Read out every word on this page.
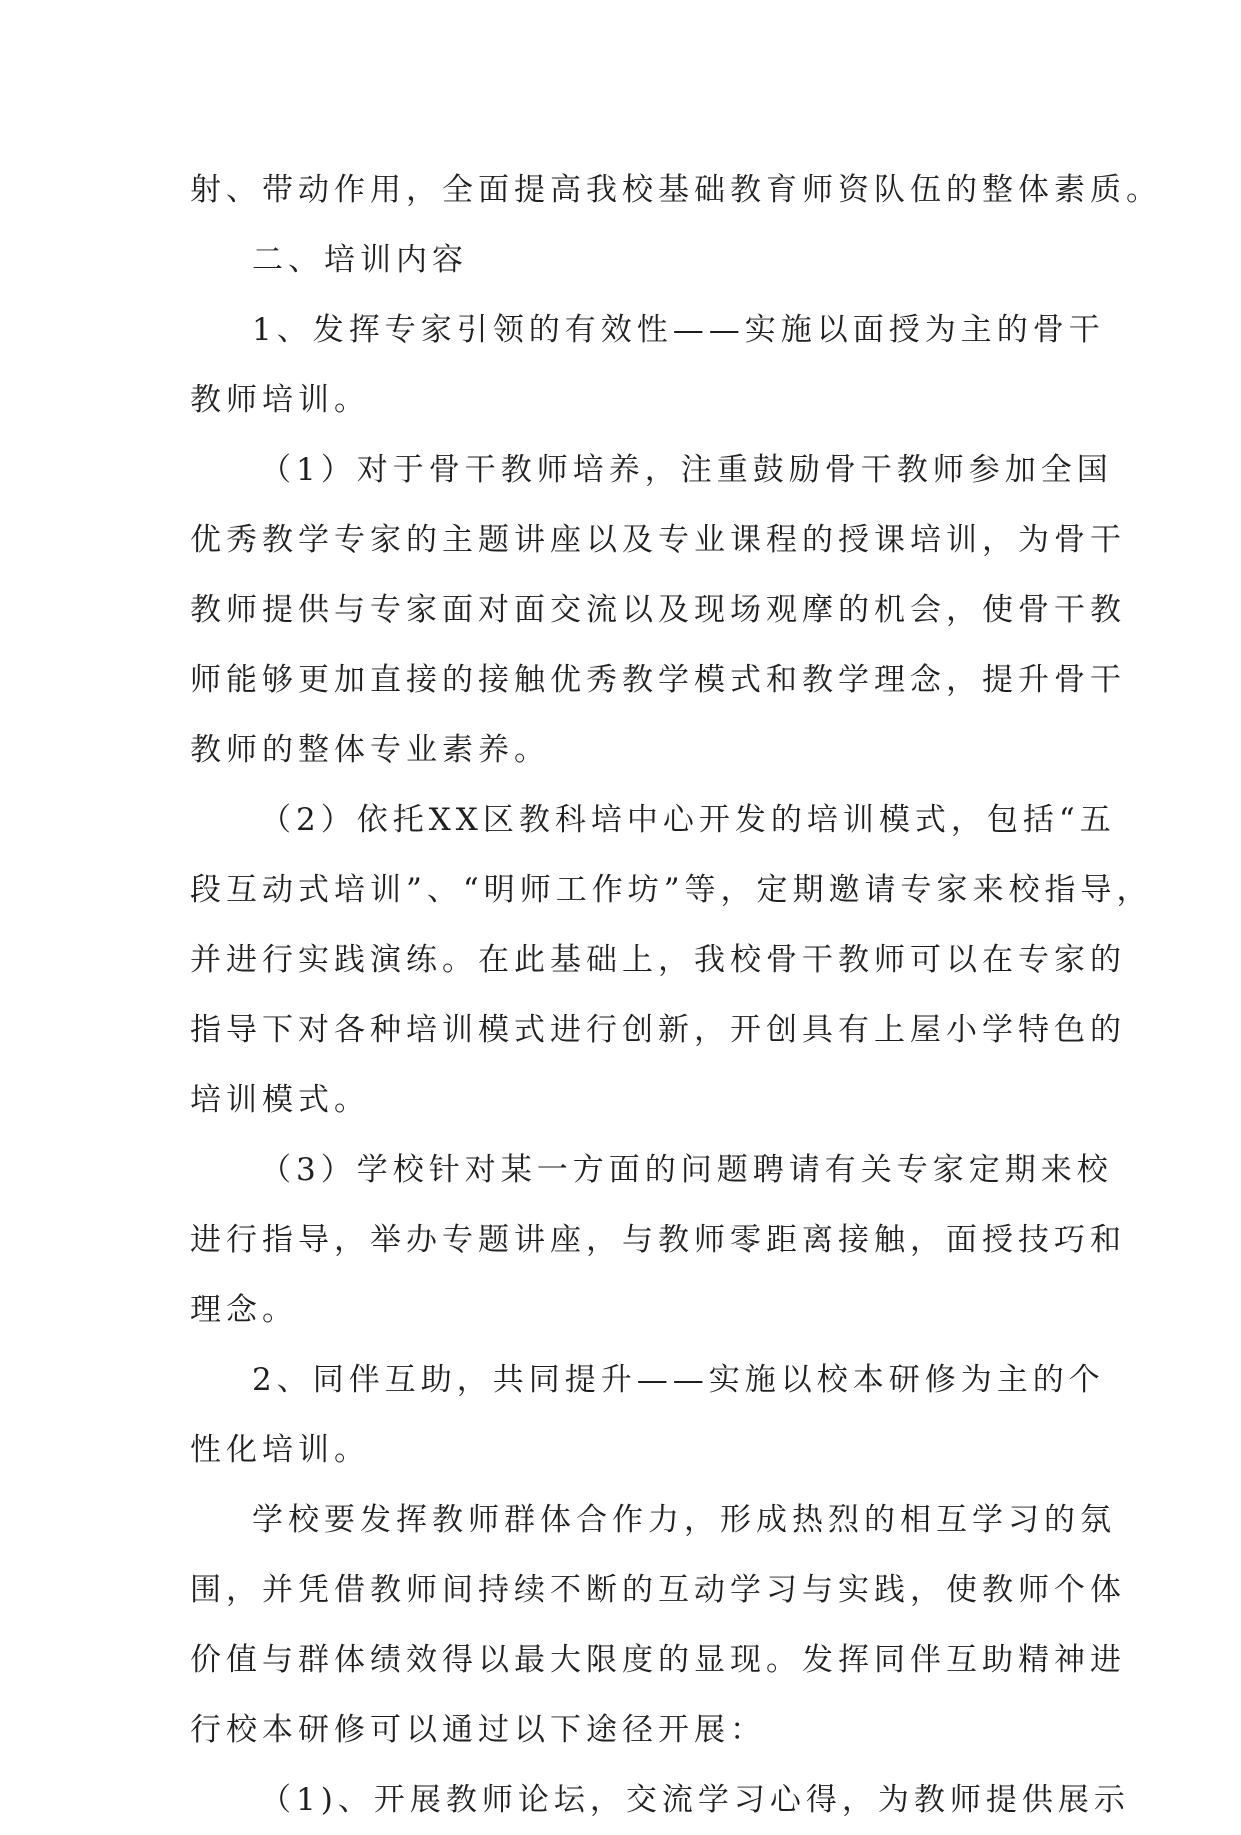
射、带动作用，全面提高我校基础教育师资队伍的整体素质。
二、培训内容
1、发挥专家引领的有效性——实施以面授为主的骨干
教师培训。
（1）对于骨干教师培养，注重鼓励骨干教师参加全国
优秀教学专家的主题讲座以及专业课程的授课培训，为骨干
教师提供与专家面对面交流以及现场观摩的机会，使骨干教
师能够更加直接的接触优秀教学模式和教学理念，提升骨干
教师的整体专业素养。
（2）依托XX区教科培中心开发的培训模式，包括“五
段互动式培训”、“明师工作坊”等，定期邀请专家来校指导，
并进行实践演练。在此基础上，我校骨干教师可以在专家的
指导下对各种培训模式进行创新，开创具有上屋小学特色的
培训模式。
（3）学校针对某一方面的问题聘请有关专家定期来校
进行指导，举办专题讲座，与教师零距离接触，面授技巧和
理念。
2、同伴互助，共同提升——实施以校本研修为主的个
性化培训。
学校要发挥教师群体合作力，形成热烈的相互学习的氛
围，并凭借教师间持续不断的互动学习与实践，使教师个体
价值与群体绩效得以最大限度的显现。发挥同伴互助精神进
行校本研修可以通过以下途径开展：
（1)、开展教师论坛，交流学习心得，为教师提供展示
